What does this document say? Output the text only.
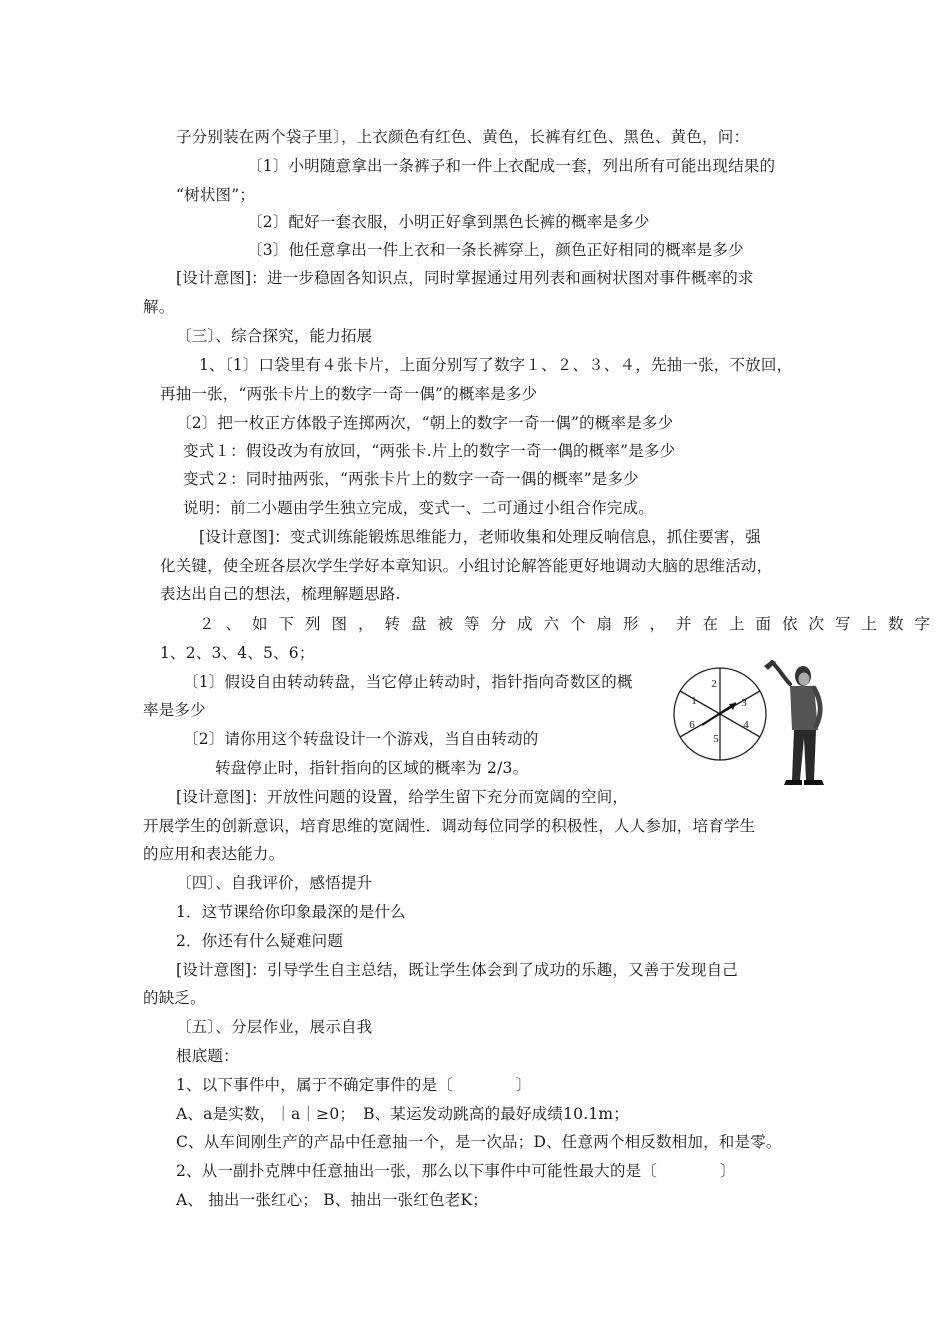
子分别装在两个袋子里〕，上衣颜色有红色、黄色，长裤有红色、黑色、黄色，问：
〔1〕小明随意拿出一条裤子和一件上衣配成一套，列出所有可能出现结果的
“树状图”；
〔2〕配好一套衣服，小明正好拿到黑色长裤的概率是多少
〔3〕他任意拿出一件上衣和一条长裤穿上，颜色正好相同的概率是多少
[设计意图]：进一步稳固各知识点，同时掌握通过用列表和画树状图对事件概率的求
解。
〔三〕、综合探究，能力拓展
1、〔1〕口袋里有４张卡片，上面分别写了数字１、２、３、４，先抽一张，不放回，
再抽一张，“两张卡片上的数字一奇一偶”的概率是多少
〔2〕把一枚正方体骰子连掷两次，“朝上的数字一奇一偶”的概率是多少
变式１：假设改为有放回，“两张卡.片上的数字一奇一偶的概率”是多少
变式２：同时抽两张，“两张卡片上的数字一奇一偶的概率”是多少
说明：前二小题由学生独立完成，变式一、二可通过小组合作完成。
[设计意图]：变式训练能锻炼思维能力，老师收集和处理反响信息，抓住要害，强
化关键，使全班各层次学生学好本章知识。小组讨论解答能更好地调动大脑的思维活动，
表达出自己的想法，梳理解题思路.
２、如下列图，转盘被等分成六个扇形，并在上面依次写上数字
1、2、3、4、5、6；
〔1〕假设自由转动转盘，当它停止转动时，指针指向奇数区的概
率是多少
〔2〕请你用这个转盘设计一个游戏，当自由转动的
转盘停止时，指针指向的区域的概率为 2/3。
[设计意图]：开放性问题的设置，给学生留下充分而宽阔的空间，
开展学生的创新意识，培育思维的宽阔性．调动每位同学的积极性，人人参加，培育学生
的应用和表达能力。
〔四〕、自我评价，感悟提升
1．这节课给你印象最深的是什么
2．你还有什么疑难问题
[设计意图]：引导学生自主总结，既让学生体会到了成功的乐趣，又善于发现自己
的缺乏。
〔五〕、分层作业，展示自我
根底题：
1、以下事件中，属于不确定事件的是〔　　　　〕
A、a是实数，｜a｜≥0；　B、某运发动跳高的最好成绩10.1m；
C、从车间刚生产的产品中任意抽一个，是一次品；D、任意两个相反数相加，和是零。
2、从一副扑克牌中任意抽出一张，那么以下事件中可能性最大的是〔　　　　〕
A、 抽出一张红心； B、抽出一张红色老K；
1
2
3
4
5
6
